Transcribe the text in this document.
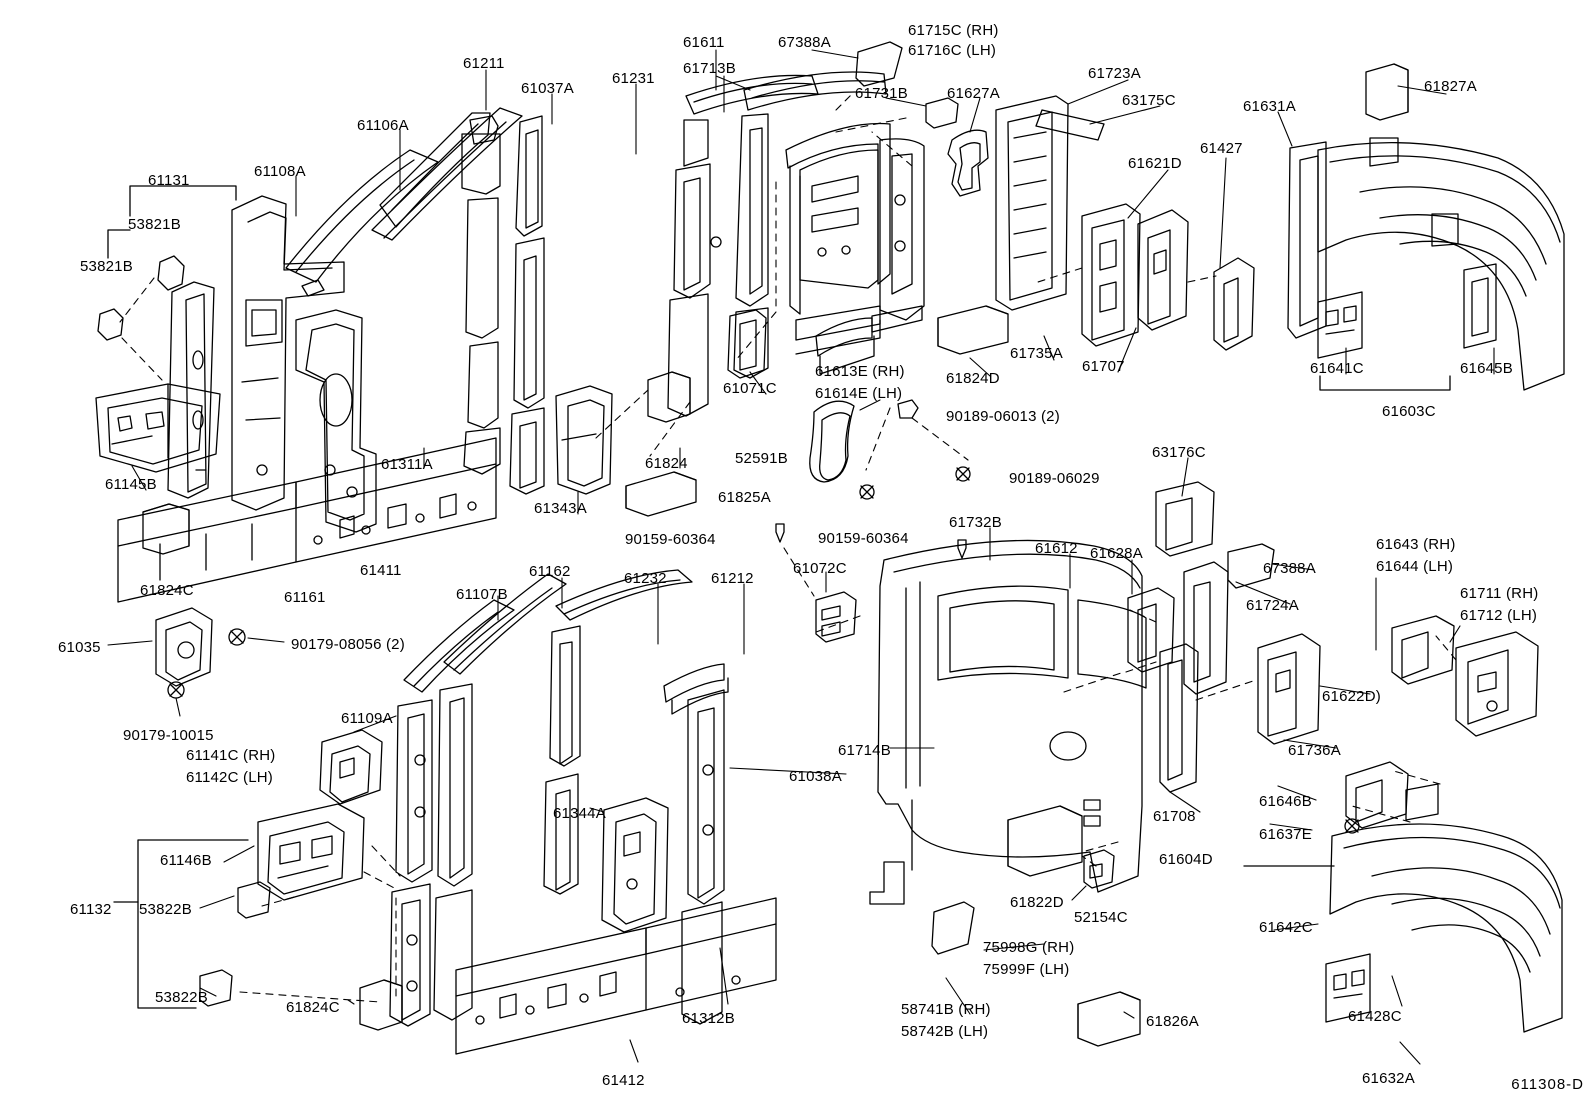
61211
61037A
61231
61611
61713B
67388A
61731B	61627A
61715C (RH)
61716C (LH)
61723A
63175C	61631A
61827A
61621D
61427
61106A
61108A
61131
53821B
53821B
61735A
61707	61641C	61645B
61603C
61145B
61824C	61161
61411
61311A
61343A
61824
61825A
52591B
61071C
61613E (RH)
61614E (LH)
61824D
90189-06013 (2)
90189-06029
90159-60364	90159-60364
63176C
61732B
61612 61628A
67388A
61724A
61643 (RH)
61644 (LH)
61711 (RH)
61712 (LH)
61622D)
61736A
61646B
61637E
61604D
61642C
61428C
61632A
61708
61714B
61038A
61344A
61109A
61107B
61162	61232	61212
61072C
61035	90179-08056 (2)
90179-10015
61141C (RH)
61142C (LH)
61146B
61132 53822B
53822B
61824C
61312B
61412
61822D
52154C
75998G (RH)
75999F (LH)
58741B (RH)
58742B (LH)
61826A
611308-D
